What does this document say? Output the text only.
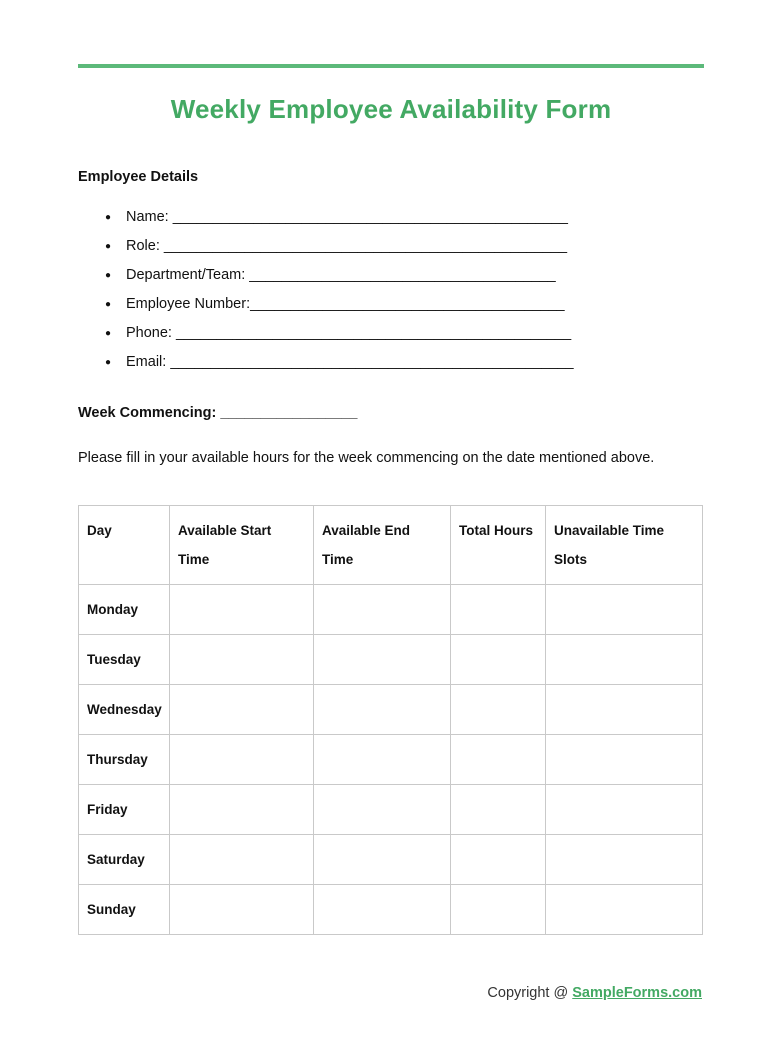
Weekly Employee Availability Form
Employee Details
● Name: _________________________________________________
● Role: __________________________________________________
● Department/Team: ______________________________________
● Employee Number:_______________________________________
● Phone: _________________________________________________
● Email: __________________________________________________
Week Commencing: _________________
Please fill in your available hours for the week commencing on the date mentioned above.
Day	Available Start Time	Available End Time	Total Hours	Unavailable Time Slots
Monday				
Tuesday				
Wednesday				
Thursday				
Friday				
Saturday				
Sunday				
Copyright @ SampleForms.com
